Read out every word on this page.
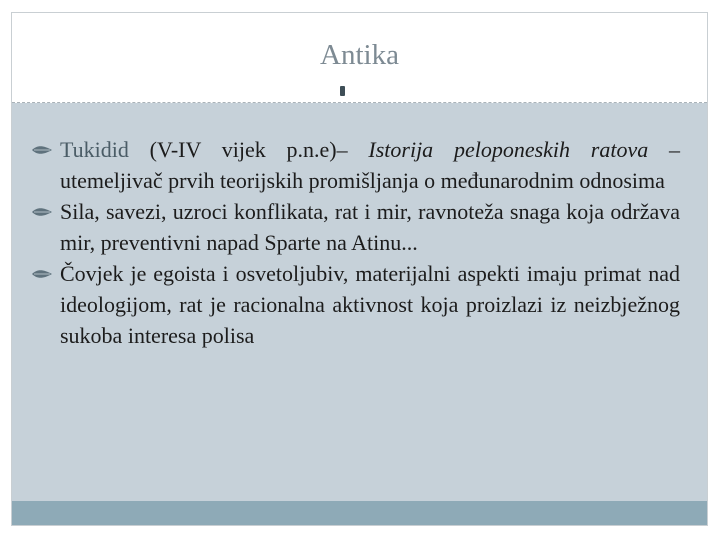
Antika
Tukidid (V-IV vijek p.n.e)– Istorija peloponeskih ratova – utemeljivač prvih teorijskih promišljanja o međunarodnim odnosima
Sila, savezi, uzroci konflikata, rat i mir, ravnoteža snaga koja održava mir, preventivni napad Sparte na Atinu...
Čovjek je egoista i osvetoljubiv, materijalni aspekti imaju primat nad ideologijom, rat je racionalna aktivnost koja proizlazi iz neizbježnog sukoba interesa polisa
